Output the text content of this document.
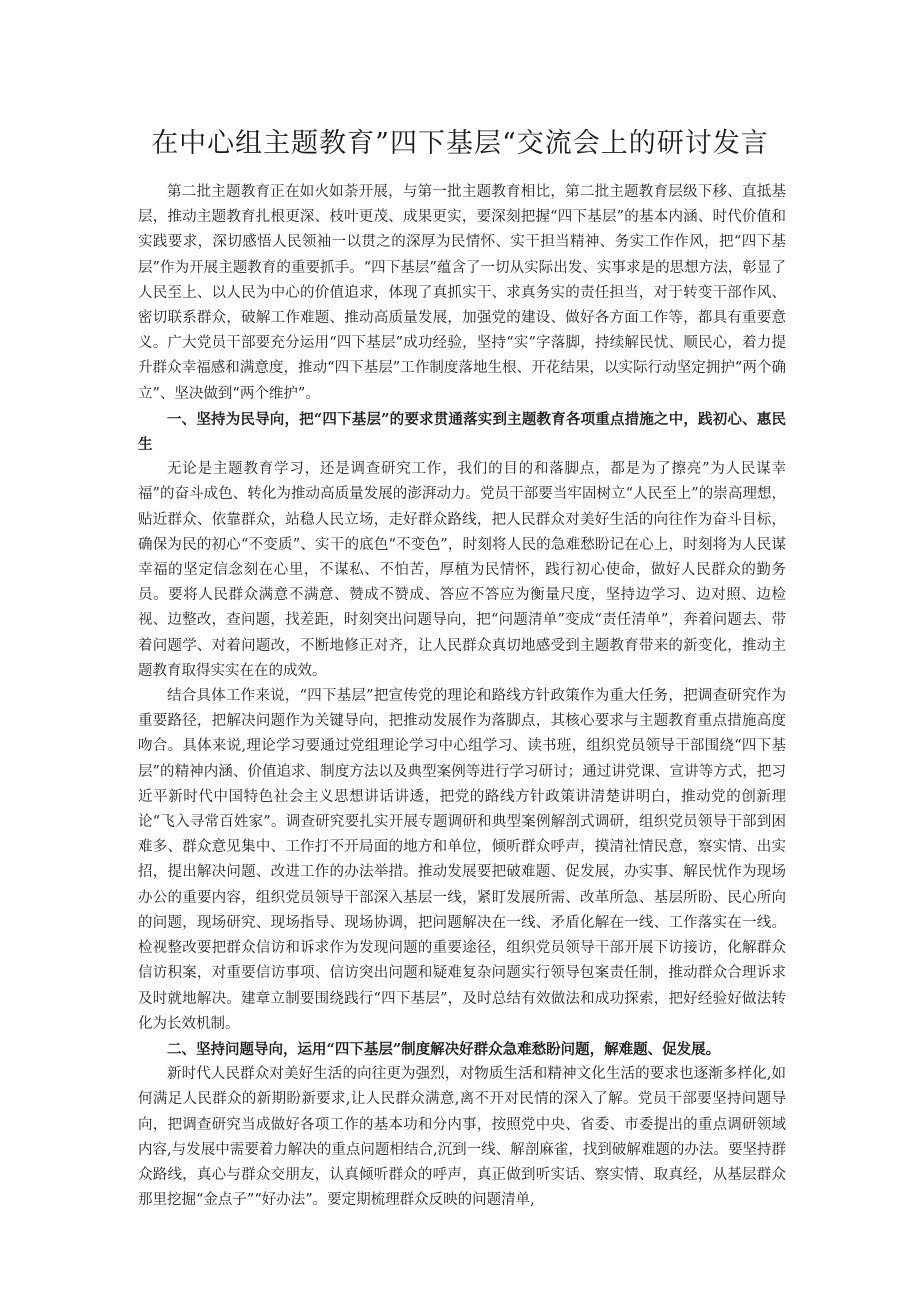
在中心组主题教育”四下基层“交流会上的研讨发言

第二批主题教育正在如火如荼开展，与第一批主题教育相比，第二批主题教育层级下移、直抵基层，推动主题教育扎根更深、枝叶更茂、成果更实，要深刻把握“四下基层”的基本内涵、时代价值和实践要求，深切感悟人民领袖一以贯之的深厚为民情怀、实干担当精神、务实工作作风，把“四下基层”作为开展主题教育的重要抓手。“四下基层”蕴含了一切从实际出发、实事求是的思想方法，彰显了人民至上、以人民为中心的价值追求，体现了真抓实干、求真务实的责任担当，对于转变干部作风、密切联系群众，破解工作难题、推动高质量发展，加强党的建设、做好各方面工作等，都具有重要意义。广大党员干部要充分运用“四下基层”成功经验，坚持“实”字落脚，持续解民忧、顺民心，着力提升群众幸福感和满意度，推动“四下基层”工作制度落地生根、开花结果，以实际行动坚定拥护“两个确立”、坚决做到“两个维护”。

一、坚持为民导向，把“四下基层”的要求贯通落实到主题教育各项重点措施之中，践初心、惠民生

无论是主题教育学习，还是调查研究工作，我们的目的和落脚点，都是为了擦亮”为人民谋幸福”的奋斗成色、转化为推动高质量发展的澎湃动力。党员干部要当牢固树立“人民至上”的崇高理想，贴近群众、依靠群众，站稳人民立场，走好群众路线，把人民群众对美好生活的向往作为奋斗目标，确保为民的初心“不变质”、实干的底色“不变色”，时刻将人民的急难愁盼记在心上，时刻将为人民谋幸福的坚定信念刻在心里，不谋私、不怕苦，厚植为民情怀，践行初心使命，做好人民群众的勤务员。要将人民群众满意不满意、赞成不赞成、答应不答应为衡量尺度，坚持边学习、边对照、边检视、边整改，查问题，找差距，时刻突出问题导向，把“问题清单”变成“责任清单”，奔着问题去、带着问题学、对着问题改，不断地修正对齐，让人民群众真切地感受到主题教育带来的新变化，推动主题教育取得实实在在的成效。

结合具体工作来说，“四下基层”把宣传党的理论和路线方针政策作为重大任务，把调查研究作为重要路径，把解决问题作为关键导向，把推动发展作为落脚点，其核心要求与主题教育重点措施高度吻合。具体来说,理论学习要通过党组理论学习中心组学习、读书班，组织党员领导干部围绕“四下基层”的精神内涵、价值追求、制度方法以及典型案例等进行学习研讨；通过讲党课、宣讲等方式，把习近平新时代中国特色社会主义思想讲话讲透，把党的路线方针政策讲清楚讲明白，推动党的创新理论“飞入寻常百姓家”。调查研究要扎实开展专题调研和典型案例解剖式调研，组织党员领导干部到困难多、群众意见集中、工作打不开局面的地方和单位，倾听群众呼声，摸清社情民意，察实情、出实招，提出解决问题、改进工作的办法举措。推动发展要把破难题、促发展，办实事、解民忧作为现场办公的重要内容，组织党员领导干部深入基层一线，紧盯发展所需、改革所急、基层所盼、民心所向的问题，现场研究、现场指导、现场协调，把问题解决在一线、矛盾化解在一线、工作落实在一线。检视整改要把群众信访和诉求作为发现问题的重要途径，组织党员领导干部开展下访接访，化解群众信访积案，对重要信访事项、信访突出问题和疑难复杂问题实行领导包案责任制，推动群众合理诉求及时就地解决。建章立制要围绕践行“四下基层”，及时总结有效做法和成功探索，把好经验好做法转化为长效机制。

二、坚持问题导向，运用“四下基层”制度解决好群众急难愁盼问题，解难题、促发展。

新时代人民群众对美好生活的向往更为强烈，对物质生活和精神文化生活的要求也逐渐多样化,如何满足人民群众的新期盼新要求,让人民群众满意,离不开对民情的深入了解。党员干部要坚持问题导向，把调查研究当成做好各项工作的基本功和分内事，按照党中央、省委、市委提出的重点调研领域内容,与发展中需要着力解决的重点问题相结合,沉到一线、解剖麻雀，找到破解难题的办法。要坚持群众路线，真心与群众交朋友，认真倾听群众的呼声，真正做到听实话、察实情、取真经，从基层群众那里挖掘“金点子”“好办法”。要定期梳理群众反映的问题清单,
